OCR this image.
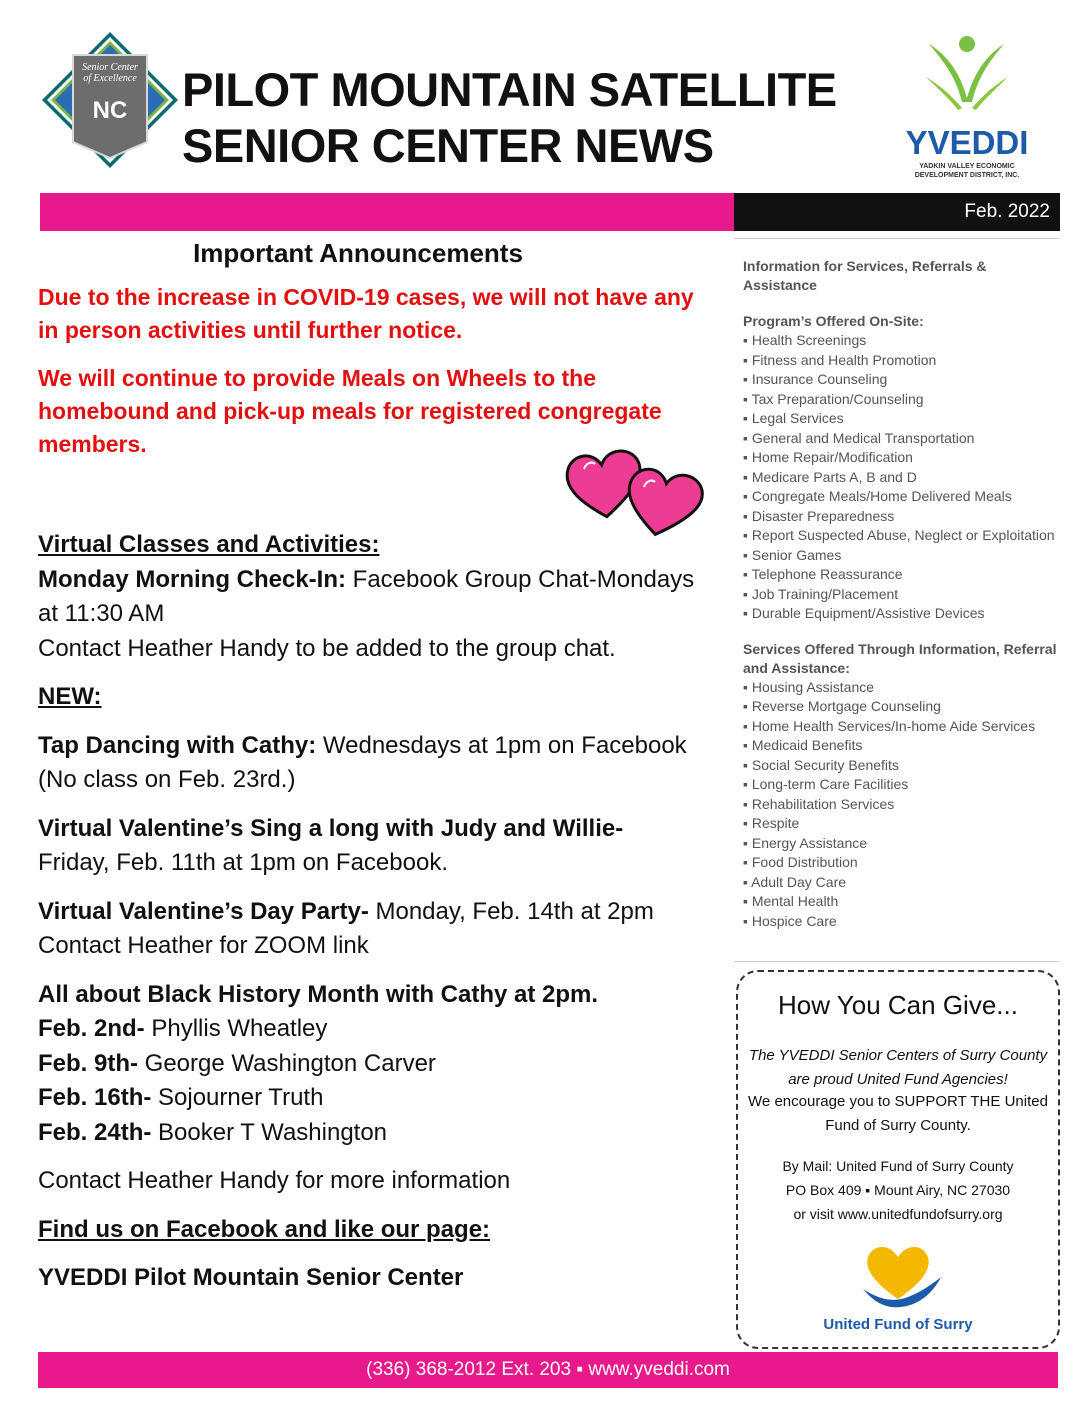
Senior Center
of Excellence
NC PILOT MOUNTAIN SATELLITE
SENIOR CENTER NEWS	YVEDDI
YADKIN VALLEY ECONOMIC
DEVELOPMENT DISTRICT, INC.
Feb. 2022
Important Announcements

Due to the increase in COVID-19 cases, we will not have any in person activities until further notice.

We will continue to provide Meals on Wheels to the homebound and pick-up meals for registered congregate members.

Virtual Classes and Activities:

Monday Morning Check-In: Facebook Group Chat-Mondays at 11:30 AM

Contact Heather Handy to be added to the group chat.

NEW:

Tap Dancing with Cathy: Wednesdays at 1pm on Facebook

(No class on Feb. 23rd.)

Virtual Valentine’s Sing a long with Judy and Willie-

Friday, Feb. 11th at 1pm on Facebook.

Virtual Valentine’s Day Party- Monday, Feb. 14th at 2pm

Contact Heather for ZOOM link

All about Black History Month with Cathy at 2pm.

Feb. 2nd- Phyllis Wheatley

Feb. 9th- George Washington Carver

Feb. 16th- Sojourner Truth

Feb. 24th- Booker T Washington

Contact Heather Handy for more information

Find us on Facebook and like our page:

YVEDDI Pilot Mountain Senior Center

Information for Services, Referrals & Assistance
Program’s Offered On-Site:
▪ Health Screenings
▪ Fitness and Health Promotion
▪ Insurance Counseling
▪ Tax Preparation/Counseling
▪ Legal Services
▪ General and Medical Transportation
▪ Home Repair/Modification
▪ Medicare Parts A, B and D
▪ Congregate Meals/Home Delivered Meals
▪ Disaster Preparedness
▪ Report Suspected Abuse, Neglect or Exploitation
▪ Senior Games
▪ Telephone Reassurance
▪ Job Training/Placement
▪ Durable Equipment/Assistive Devices
Services Offered Through Information, Referral and Assistance:
▪ Housing Assistance
▪ Reverse Mortgage Counseling
▪ Home Health Services/In-home Aide Services
▪ Medicaid Benefits
▪ Social Security Benefits
▪ Long-term Care Facilities
▪ Rehabilitation Services
▪ Respite
▪ Energy Assistance
▪ Food Distribution
▪ Adult Day Care
▪ Mental Health
▪ Hospice Care
How You Can Give...
The YVEDDI Senior Centers of Surry County are proud United Fund Agencies!
We encourage you to SUPPORT THE United Fund of Surry County.
By Mail: United Fund of Surry County
PO Box 409 ▪ Mount Airy, NC 27030
or visit www.unitedfundofsurry.org
United Fund of Surry
(336) 368-2012 Ext. 203 ▪ www.yveddi.com
